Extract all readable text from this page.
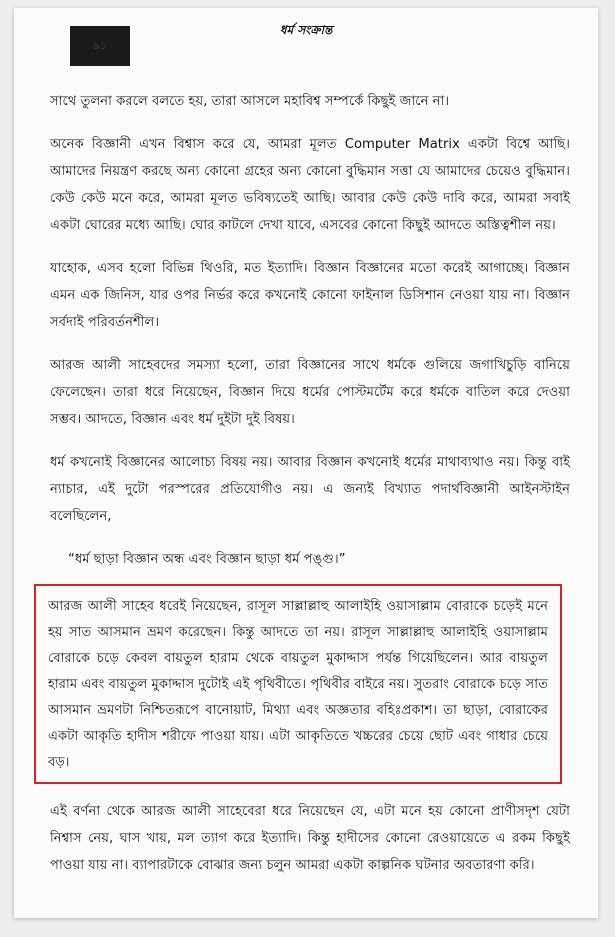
৯১
ধর্ম সংক্রান্ত

সাথে তুলনা করলে বলতে হয়, তারা আসলে মহাবিশ্ব সম্পর্কে কিছুই জানে না।

অনেক বিজ্ঞানী এখন বিশ্বাস করে যে, আমরা মূলত Computer Matrix একটা বিশ্বে আছি। আমাদের নিয়ন্ত্রণ করছে অন্য কোনো গ্রহের অন্য কোনো বুদ্ধিমান সত্তা যে আমাদের চেয়েও বুদ্ধিমান। কেউ কেউ মনে করে, আমরা মূলত ভবিষ্যতেই আছি। আবার কেউ কেউ দাবি করে, আমরা সবাই একটা ঘোরের মধ্যে আছি। ঘোর কাটলে দেখা যাবে, এসবের কোনো কিছুই আদতে অস্তিত্বশীল নয়।

যাহোক, এসব হলো বিভিন্ন থিওরি, মত ইত্যাদি। বিজ্ঞান বিজ্ঞানের মতো করেই আগাচ্ছে। বিজ্ঞান এমন এক জিনিস, যার ওপর নির্ভর করে কখনোই কোনো ফাইনাল ডিসিশান নেওয়া যায় না। বিজ্ঞান সর্বদাই পরিবর্তনশীল।

আরজ আলী সাহেবদের সমস্যা হলো, তারা বিজ্ঞানের সাথে ধর্মকে গুলিয়ে জগাখিচুড়ি বানিয়ে ফেলেছেন। তারা ধরে নিয়েছেন, বিজ্ঞান দিয়ে ধর্মের পোস্টমর্টেম করে ধর্মকে বাতিল করে দেওয়া সম্ভব। আদতে, বিজ্ঞান এবং ধর্ম দুইটা দুই বিষয়।

ধর্ম কখনোই বিজ্ঞানের আলোচ্য বিষয় নয়। আবার বিজ্ঞান কখনোই ধর্মের মাথাব্যথাও নয়। কিন্তু বাই ন্যাচার, এই দুটো পরস্পরের প্রতিযোগীও নয়। এ জন্যই বিখ্যাত পদার্থবিজ্ঞানী আইনস্টাইন বলেছিলেন,

“ধর্ম ছাড়া বিজ্ঞান অন্ধ এবং বিজ্ঞান ছাড়া ধর্ম পঙ্গু।”

আরজ আলী সাহেব ধরেই নিয়েছেন, রাসূল সাল্লাল্লাহু আলাইহি ওয়াসাল্লাম বোরাকে চড়েই মনে হয় সাত আসমান ভ্রমণ করেছেন। কিন্তু আদতে তা নয়। রাসূল সাল্লাল্লাহু আলাইহি ওয়াসাল্লাম বোরাকে চড়ে কেবল বায়তুল হারাম থেকে বায়তুল মুকাদ্দাস পর্যন্ত গিয়েছিলেন। আর বায়তুল হারাম এবং বায়তুল মুকাদ্দাস দুটোই এই পৃথিবীতে। পৃথিবীর বাইরে নয়। সুতরাং বোরাকে চড়ে সাত আসমান ভ্রমণটা নিশ্চিতরূপে বানোয়াট, মিথ্যা এবং অজ্ঞতার বহিঃপ্রকাশ। তা ছাড়া, বোরাকের একটা আকৃতি হাদীস শরীফে পাওয়া যায়। এটা আকৃতিতে খচ্চরের চেয়ে ছোট এবং গাধার চেয়ে বড়।
এই বর্ণনা থেকে আরজ আলী সাহেবেরা ধরে নিয়েছেন যে, এটা মনে হয় কোনো প্রাণীসদৃশ যেটা নিশ্বাস নেয়, ঘাস খায়, মল ত্যাগ করে ইত্যাদি। কিন্তু হাদীসের কোনো রেওয়ায়েতে এ রকম কিছুই পাওয়া যায় না। ব্যাপারটাকে বোঝার জন্য চলুন আমরা একটা কাল্পনিক ঘটনার অবতারণা করি।
